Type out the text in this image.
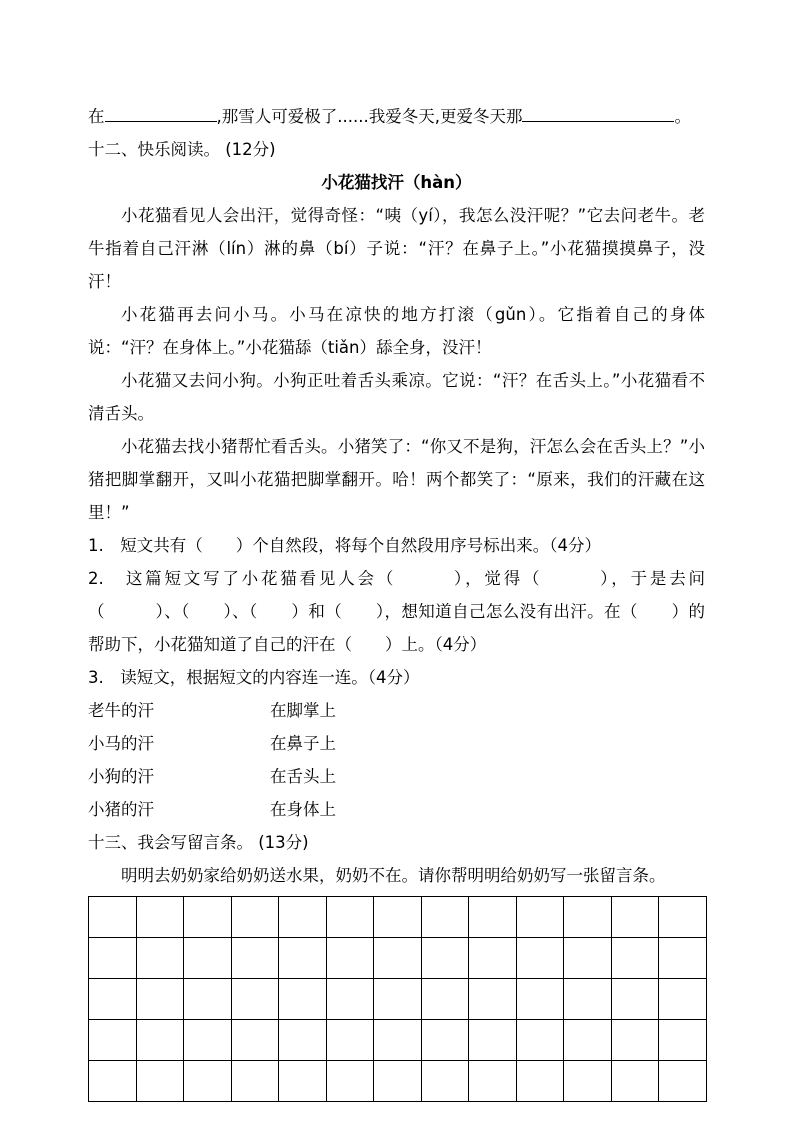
在	,那雪人可爱极了......我爱冬天,更爱冬天那	。
十二、快乐阅读。 (12分)
小花猫找汗（hàn）

小花猫看见人会出汗，觉得奇怪：“咦（yí），我怎么没汗呢？”它去问老牛。老牛指着自己汗淋（lín）淋的鼻（bí）子说：“汗？在鼻子上。”小花猫摸摸鼻子，没汗！

小花猫再去问小马。小马在凉快的地方打滚（gǔn）。它指着自己的身体说：“汗？在身体上。”小花猫舔（tiǎn）舔全身，没汗！

小花猫又去问小狗。小狗正吐着舌头乘凉。它说：“汗？在舌头上。”小花猫看不清舌头。

小花猫去找小猪帮忙看舌头。小猪笑了：“你又不是狗，汗怎么会在舌头上？”小猪把脚掌翻开，又叫小花猫把脚掌翻开。哈！两个都笑了：“原来，我们的汗藏在这里！”

1.　短文共有（　　）个自然段，将每个自然段用序号标出来。（4分）
2.　这篇短文写了小花猫看见人会（　　　），觉得（　　　），于是去问（　　　）、（　　）、（　　）和（　　），想知道自己怎么没有出汗。在（　　）的帮助下，小花猫知道了自己的汗在（　　）上。（4分）
3.　读短文，根据短文的内容连一连。（4分）
老牛的汗	在脚掌上
小马的汗	在鼻子上
小狗的汗	在舌头上
小猪的汗	在身体上
十三、我会写留言条。 (13分)

明明去奶奶家给奶奶送水果，奶奶不在。请你帮明明给奶奶写一张留言条。
